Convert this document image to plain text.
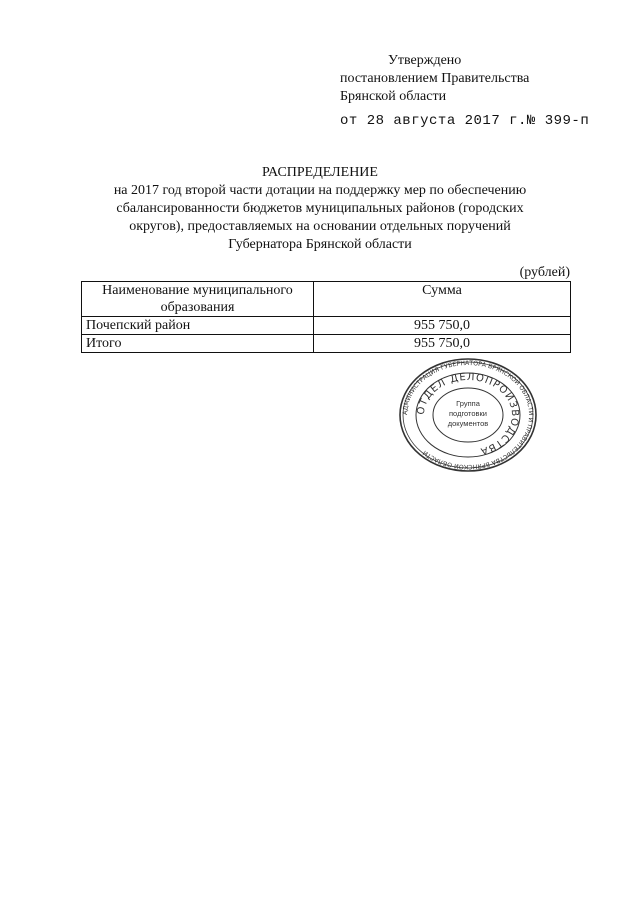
Утверждено
постановлением Правительства
Брянской области
от 28 августа 2017 г.№ 399-п
РАСПРЕДЕЛЕНИЕ
на 2017 год второй части дотации на поддержку мер по обеспечению
сбалансированности бюджетов муниципальных районов (городских
округов), предоставляемых на основании отдельных поручений
Губернатора Брянской области
(рублей)
Наименование муниципального
образования	Сумма
Почепский район	955 750,0
Итого	955 750,0
АДМИНИСТРАЦИЯ ГУБЕРНАТОРА БРЯНСКОЙ ОБЛАСТИ И ПРАВИТЕЛЬСТВА БРЯНСКОЙ ОБЛАСТИ
ОТДЕЛ ДЕЛОПРОИЗВОДСТВА
Группа
подготовки
документов
